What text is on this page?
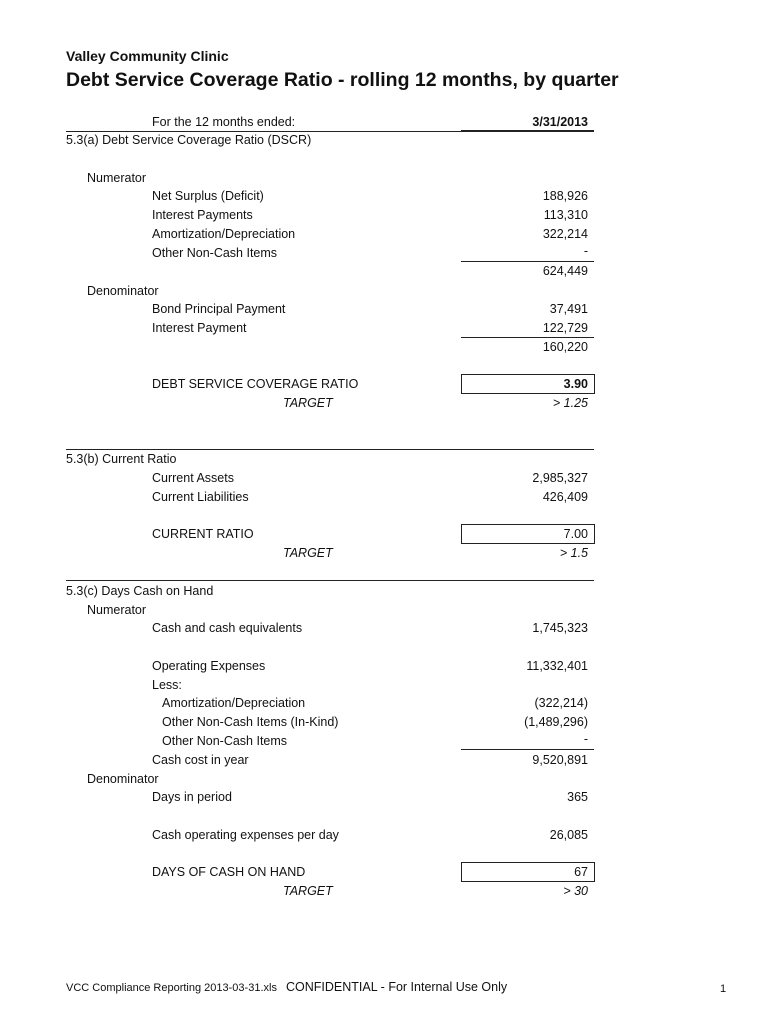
Valley Community Clinic
Debt Service Coverage Ratio - rolling 12 months, by quarter
For the 12 months ended:	3/31/2013
5.3(a) Debt Service Coverage Ratio (DSCR)
Numerator
Net Surplus (Deficit)	188,926
Interest Payments	113,310
Amortization/Depreciation	322,214
Other Non-Cash Items	-
624,449
Denominator
Bond Principal Payment	37,491
Interest Payment	122,729
160,220
DEBT SERVICE COVERAGE RATIO	3.90
TARGET	> 1.25
5.3(b) Current Ratio
Current Assets	2,985,327
Current Liabilities	426,409
CURRENT RATIO	7.00
TARGET	> 1.5
5.3(c) Days Cash on Hand
Numerator
Cash and cash equivalents	1,745,323
Operating Expenses	11,332,401
Less:
Amortization/Depreciation	(322,214)
Other Non-Cash Items (In-Kind)	(1,489,296)
Other Non-Cash Items	-
Cash cost in year	9,520,891
Denominator
Days in period	365
Cash operating expenses per day	26,085
DAYS OF CASH ON HAND	67
TARGET	> 30
VCC Compliance Reporting 2013-03-31.xls CONFIDENTIAL - For Internal Use Only	1
